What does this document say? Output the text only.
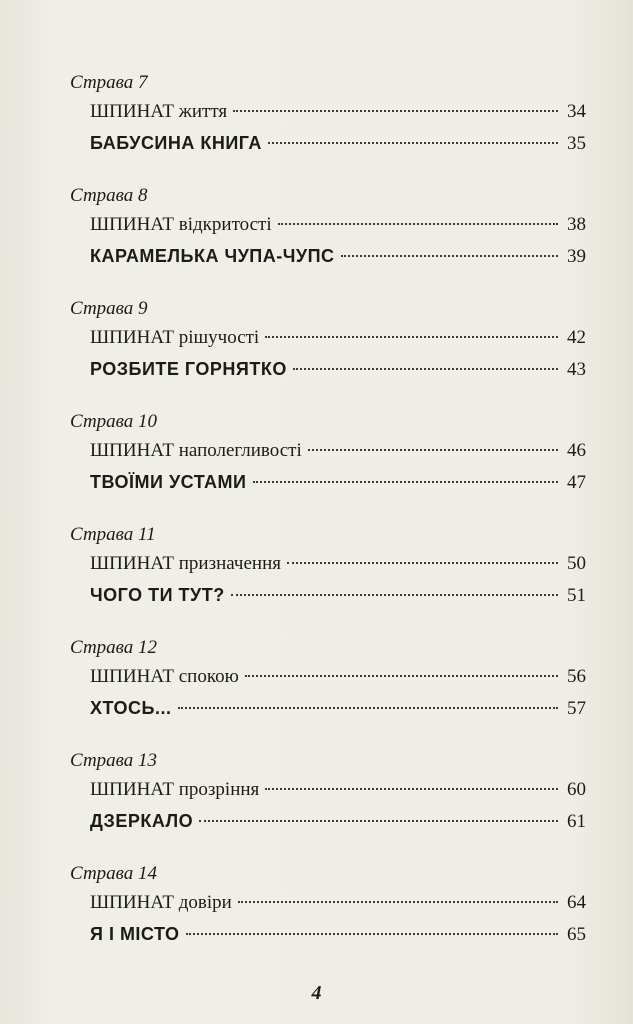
Страва 7
ШПИНАТ життя	34
БАБУСИНА КНИГА	35
Страва 8
ШПИНАТ відкритості	38
КАРАМЕЛЬКА ЧУПА-ЧУПС	39
Страва 9
ШПИНАТ рішучості	42
РОЗБИТЕ ГОРНЯТКО	43
Страва 10
ШПИНАТ наполегливості	46
ТВОЇМИ УСТАМИ	47
Страва 11
ШПИНАТ призначення	50
ЧОГО ТИ ТУТ?	51
Страва 12
ШПИНАТ спокою	56
ХТОСЬ...	57
Страва 13
ШПИНАТ прозріння	60
ДЗЕРКАЛО	61
Страва 14
ШПИНАТ довіри	64
Я І МІСТО	65
4
